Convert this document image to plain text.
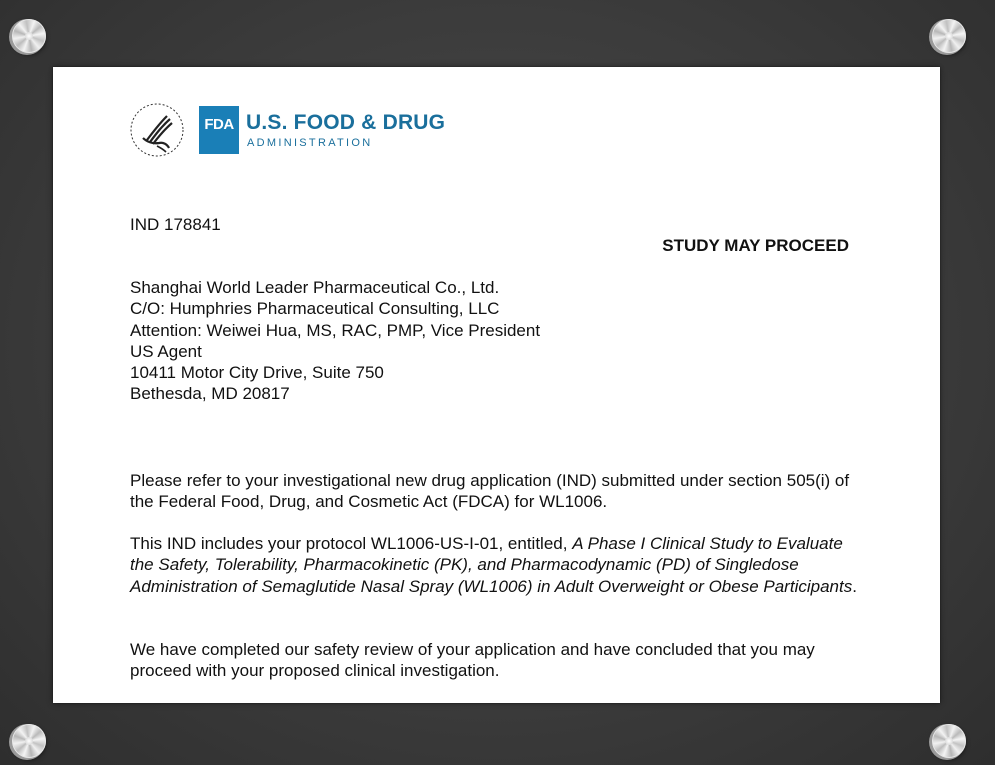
FDA U.S. FOOD & DRUG
ADMINISTRATION
IND 178841
STUDY MAY PROCEED
Shanghai World Leader Pharmaceutical Co., Ltd.
C/O: Humphries Pharmaceutical Consulting, LLC
Attention: Weiwei Hua, MS, RAC, PMP, Vice President
US Agent
10411 Motor City Drive, Suite 750
Bethesda, MD 20817

Please refer to your investigational new drug application (IND) submitted under section 505(i) of the Federal Food, Drug, and Cosmetic Act (FDCA) for WL1006.

This IND includes your protocol WL1006-US-I-01, entitled, A Phase I Clinical Study to Evaluate the Safety, Tolerability, Pharmacokinetic (PK), and Pharmacodynamic (PD) of Singledose Administration of Semaglutide Nasal Spray (WL1006) in Adult Overweight or Obese Participants.

We have completed our safety review of your application and have concluded that you may proceed with your proposed clinical investigation.
